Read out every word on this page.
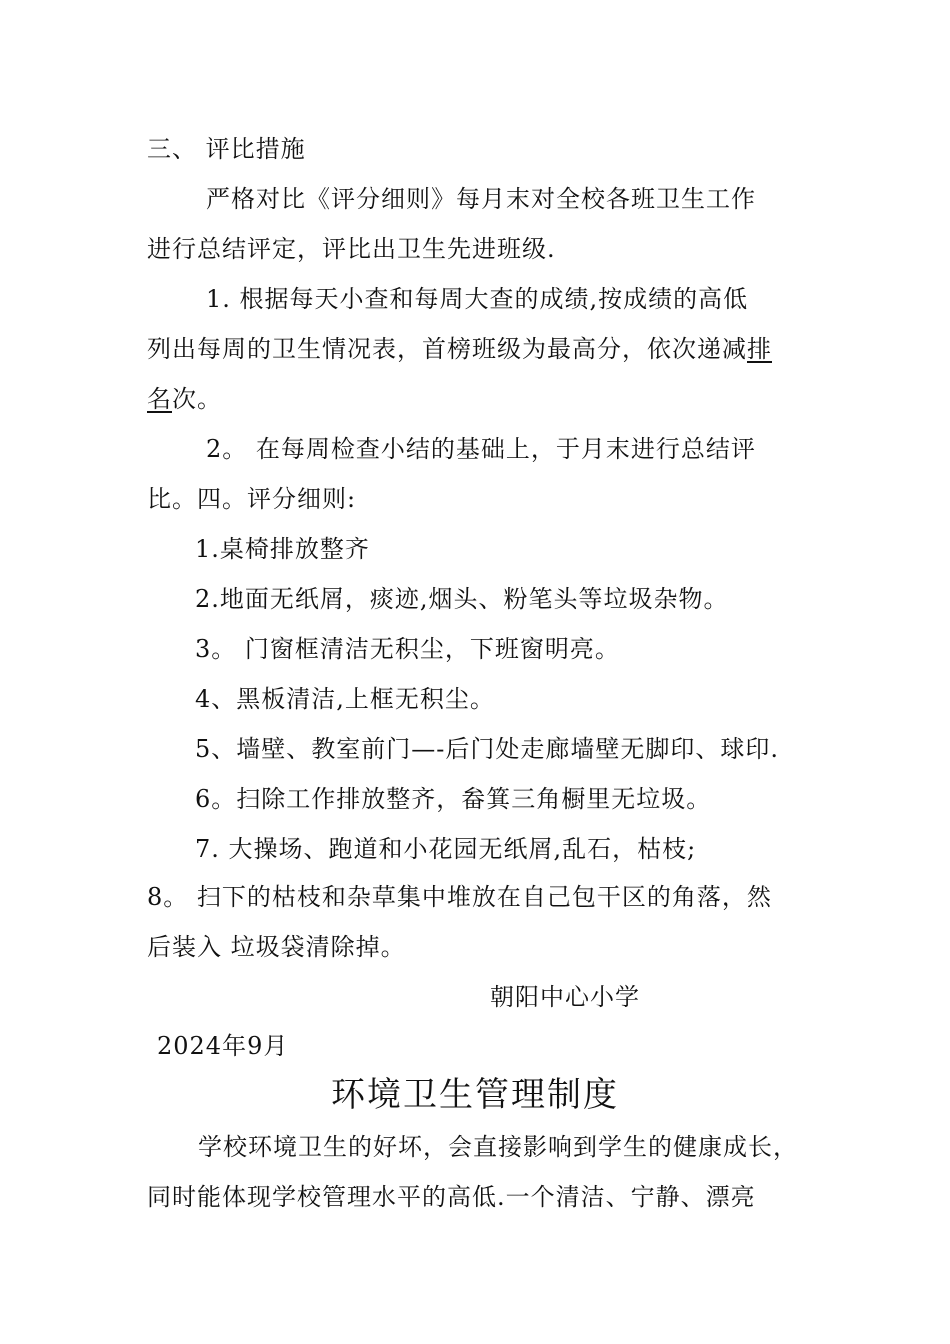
三、 评比措施
严格对比《评分细则》每月末对全校各班卫生工作
进行总结评定，评比出卫生先进班级.
1. 根据每天小查和每周大查的成绩,按成绩的高低
列出每周的卫生情况表，首榜班级为最高分，依次递减排
名次。
2。 在每周检查小结的基础上，于月末进行总结评
比。四。评分细则:
1.桌椅排放整齐
2.地面无纸屑，痰迹,烟头、粉笔头等垃圾杂物。
3。 门窗框清洁无积尘，下班窗明亮。
4、黑板清洁,上框无积尘。
5、墙壁、教室前门—-后门处走廊墙壁无脚印、球印.
6。扫除工作排放整齐，畚箕三角橱里无垃圾。
7. 大操场、跑道和小花园无纸屑,乱石，枯枝;
8。 扫下的枯枝和杂草集中堆放在自己包干区的角落，然
后装入 垃圾袋清除掉。
朝阳中心小学
2024年9月
环境卫生管理制度
学校环境卫生的好坏，会直接影响到学生的健康成长，
同时能体现学校管理水平的高低.一个清洁、宁静、漂亮
